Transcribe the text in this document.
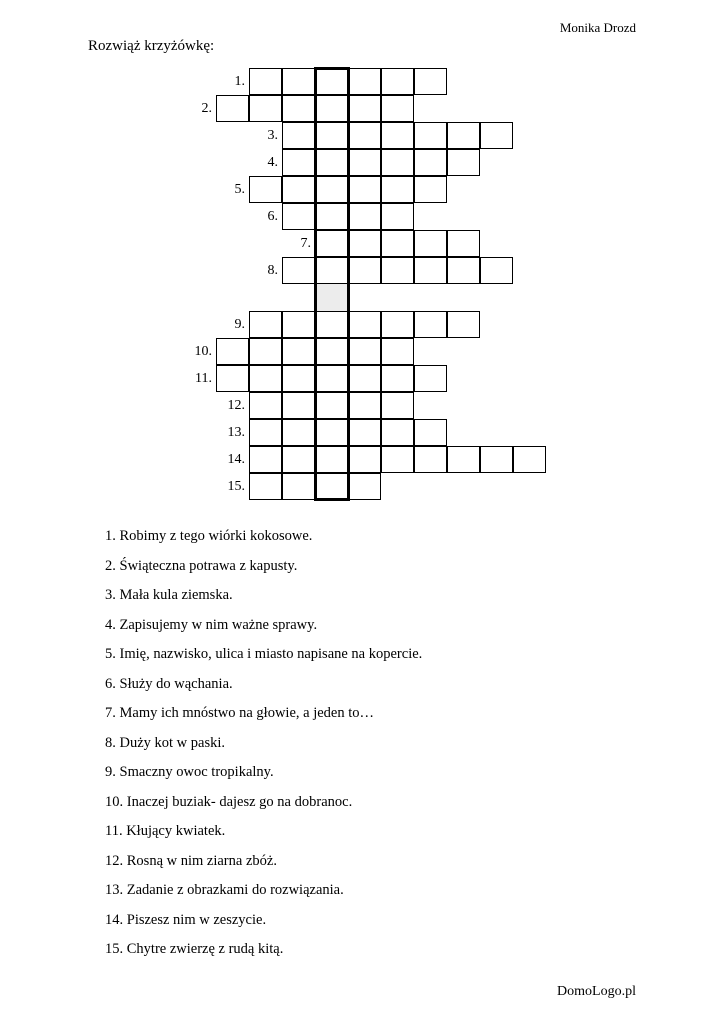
Monika Drozd
Rozwiąż krzyżówkę:
1.
2.
3.
4.
5.
6.
7.
8.
9.
10.
11.
12.
13.
14.
15.
1. Robimy z tego wiórki kokosowe.
2. Świąteczna potrawa z kapusty.
3. Mała kula ziemska.
4. Zapisujemy w nim ważne sprawy.
5. Imię, nazwisko, ulica i miasto napisane na kopercie.
6. Służy do wąchania.
7. Mamy ich mnóstwo na głowie, a jeden to…
8. Duży kot w paski.
9. Smaczny owoc tropikalny.
10. Inaczej buziak- dajesz go na dobranoc.
11. Kłujący kwiatek.
12. Rosną w nim ziarna zbóż.
13. Zadanie z obrazkami do rozwiązania.
14. Piszesz nim w zeszycie.
15. Chytre zwierzę z rudą kitą.
DomoLogo.pl
